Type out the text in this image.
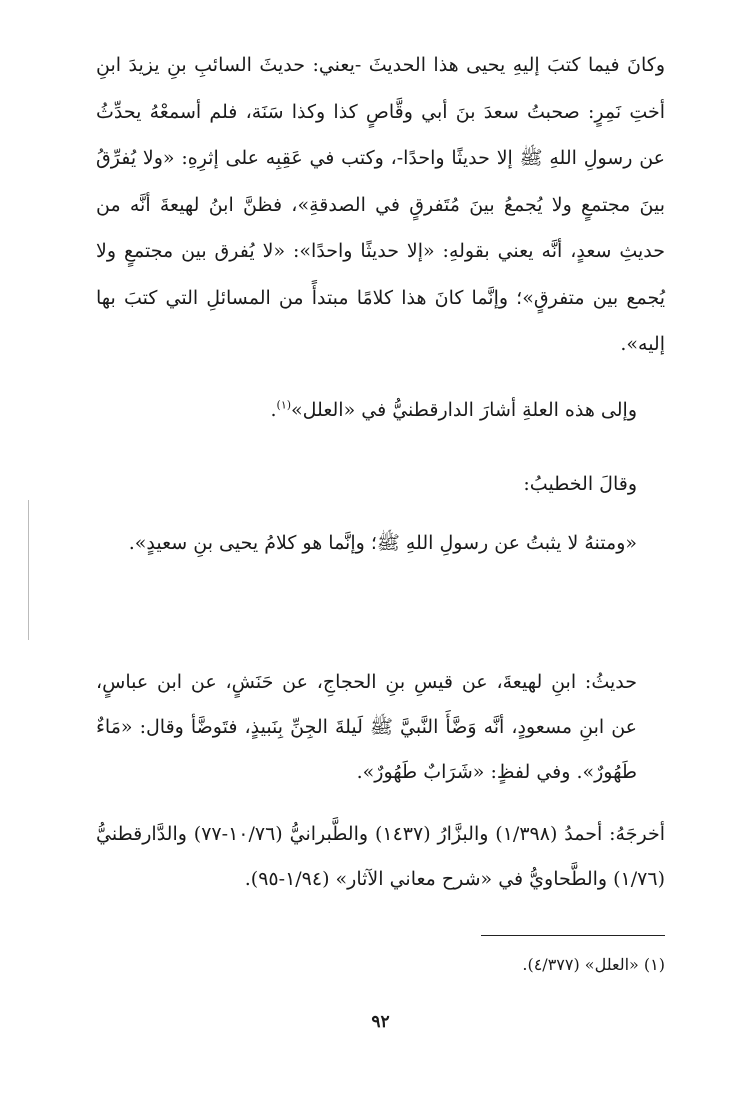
وكانَ فيما كتبَ إليهِ يحيى هذا الحديثَ -يعني: حديثَ السائبِ بنِ يزيدَ ابنِ أختِ نَمِرٍ: صحبتُ سعدَ بنَ أبي وقَّاصٍ كذا وكذا سَنَة، فلم أسمعْهُ يحدِّثُ عن رسولِ اللهِ ﷺ إلا حديثًا واحدًا-، وكتب في عَقِبِه على إثرِهِ: «ولا يُفرِّقُ بينَ مجتمعٍ ولا يُجمعُ بينَ مُتَفرقٍ في الصدقةِ»، فظنَّ ابنُ لهيعةَ أنَّه من حديثِ سعدٍ، أنَّه يعني بقولهِ: «إلا حديثًا واحدًا»: «لا يُفرق بين مجتمعٍ ولا يُجمع بين متفرقٍ»؛ وإنَّما كانَ هذا كلامًا مبتدأً من المسائلِ التي كتبَ بها إليه».

وإلى هذه العلةِ أشارَ الدارقطنيُّ في «العلل»$^{(١)}$.

وقالَ الخطيبُ:

«ومتنهُ لا يثبتُ عن رسولِ اللهِ ﷺ؛ وإنَّما هو كلامُ يحيى بنِ سعيدٍ».

حديثُ: ابنِ لهيعةَ، عن قيسِ بنِ الحجاجِ، عن حَنَشٍ، عن ابن عباسٍ، عن ابنِ مسعودٍ، أنَّه وَضَّأَ النَّبيَّ ﷺ لَيلةَ الجِنِّ بِنَبيذٍ، فتَوضَّأ وقال: «مَاءٌ طَهُورٌ». وفي لفظٍ: «شَرَابٌ طَهُورٌ».

أخرجَهُ: أحمدُ (١/٣٩٨) والبزَّارُ (١٤٣٧) والطَّبرانيُّ (١٠/٧٦-٧٧) والدَّارقطنيُّ (١/٧٦) والطَّحاويُّ في «شرح معاني الآثار» (١/٩٤-٩٥).

(١) «العلل» (٤/٣٧٧).
٩٢
